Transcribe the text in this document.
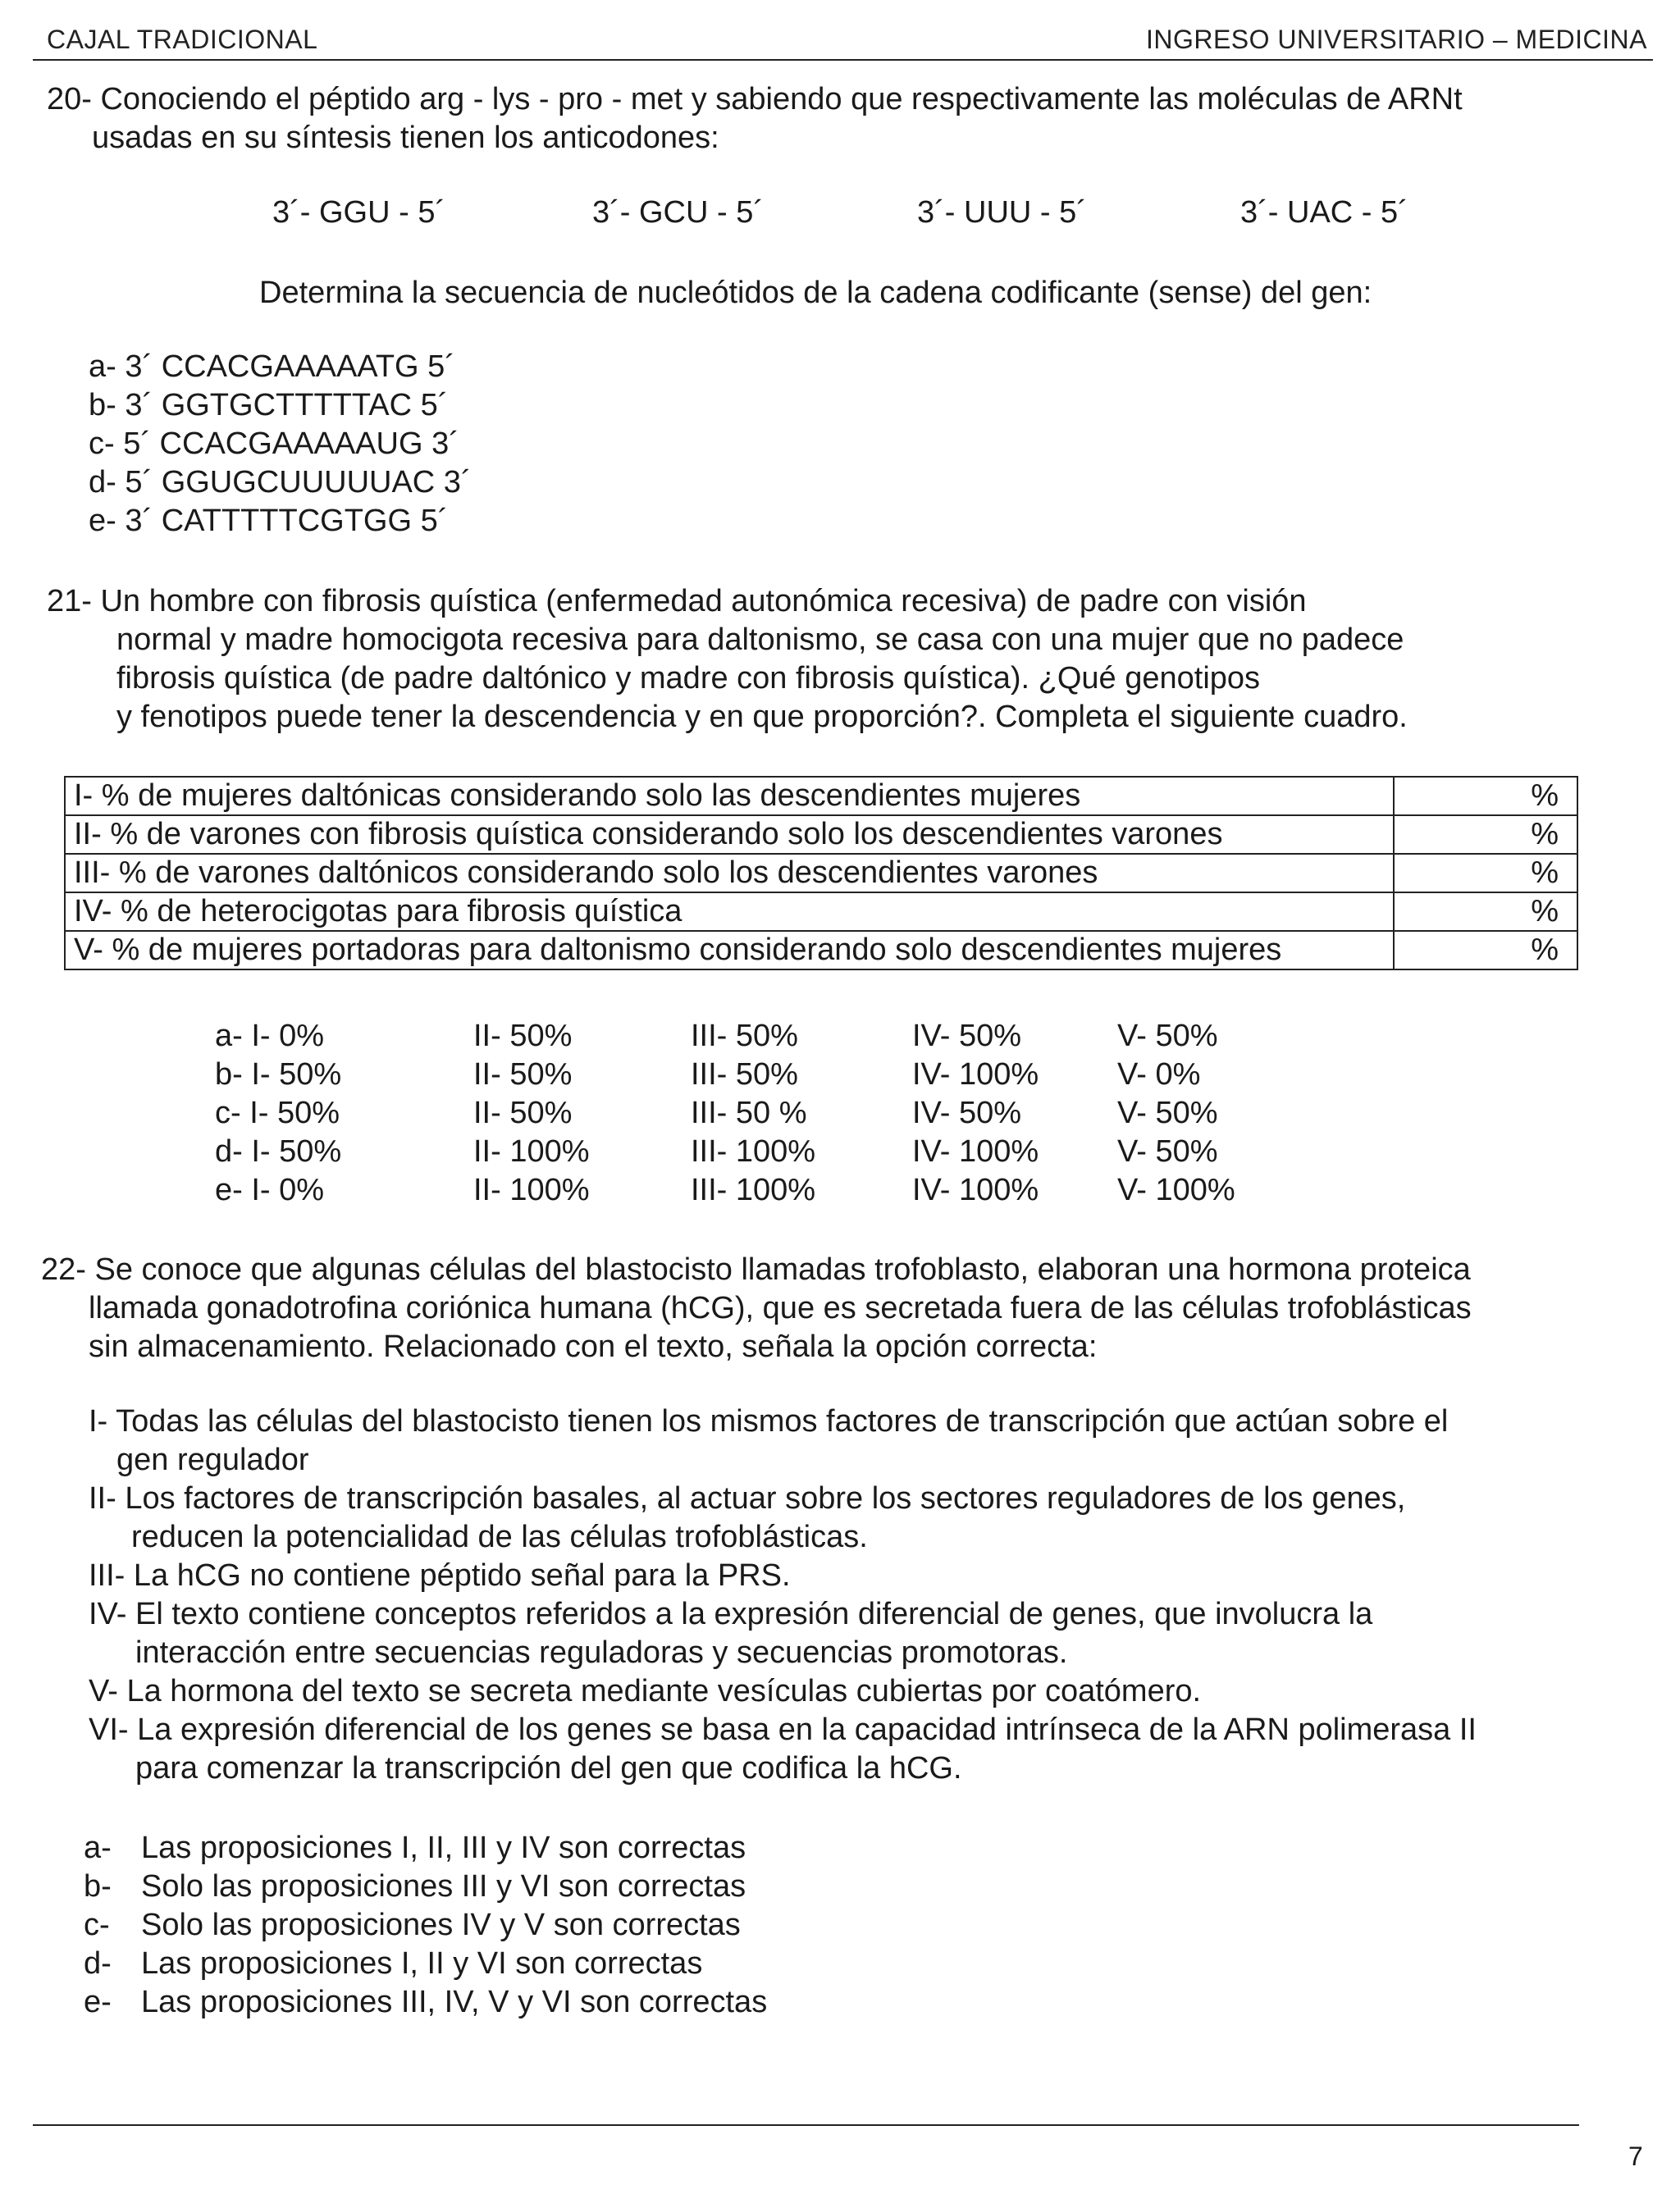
CAJAL TRADICIONAL	INGRESO UNIVERSITARIO – MEDICINA
20- Conociendo el péptido arg - lys - pro - met y sabiendo que respectivamente las moléculas de ARNt
usadas en su síntesis tienen los anticodones:
3´- GGU - 5´	3´- GCU - 5´	3´- UUU - 5´	3´- UAC - 5´
Determina la secuencia de nucleótidos de la cadena codificante (sense) del gen:
a- 3´ CCACGAAAAATG 5´
b- 3´ GGTGCTTTTTAC 5´
c- 5´ CCACGAAAAAUG 3´
d- 5´ GGUGCUUUUUAC 3´
e- 3´ CATTTTTCGTGG 5´
21- Un hombre con fibrosis quística (enfermedad autonómica recesiva) de padre con visión
normal y madre homocigota recesiva para daltonismo, se casa con una mujer que no padece
fibrosis quística (de padre daltónico y madre con fibrosis quística). ¿Qué genotipos
y fenotipos puede tener la descendencia y en que proporción?. Completa el siguiente cuadro.
I- % de mujeres daltónicas considerando solo las descendientes mujeres	%
II- % de varones con fibrosis quística considerando solo los descendientes varones	%
III- % de varones daltónicos considerando solo los descendientes varones	%
IV- % de heterocigotas para fibrosis quística	%
V- % de mujeres portadoras para daltonismo considerando solo descendientes mujeres	%
a- I- 0%	II- 50%	III- 50%	IV- 50%	V- 50%
b- I- 50%	II- 50%	III- 50%	IV- 100%	V- 0%
c- I- 50%	II- 50%	III- 50 %	IV- 50%	V- 50%
d- I- 50%	II- 100%	III- 100%	IV- 100%	V- 50%
e- I- 0%	II- 100%	III- 100%	IV- 100%	V- 100%
22- Se conoce que algunas células del blastocisto llamadas trofoblasto, elaboran una hormona proteica
llamada gonadotrofina coriónica humana (hCG), que es secretada fuera de las células trofoblásticas
sin almacenamiento. Relacionado con el texto, señala la opción correcta:
I- Todas las células del blastocisto tienen los mismos factores de transcripción que actúan sobre el
gen regulador
II- Los factores de transcripción basales, al actuar sobre los sectores reguladores de los genes,
reducen la potencialidad de las células trofoblásticas.
III- La hCG no contiene péptido señal para la PRS.
IV- El texto contiene conceptos referidos a la expresión diferencial de genes, que involucra la
interacción entre secuencias reguladoras y secuencias promotoras.
V- La hormona del texto se secreta mediante vesículas cubiertas por coatómero.
VI- La expresión diferencial de los genes se basa en la capacidad intrínseca de la ARN polimerasa II
para comenzar la transcripción del gen que codifica la hCG.
a- Las proposiciones I, II, III y IV son correctas
b- Solo las proposiciones III y VI son correctas
c- Solo las proposiciones IV y V son correctas
d- Las proposiciones I, II y VI son correctas
e- Las proposiciones III, IV, V y VI son correctas
7
